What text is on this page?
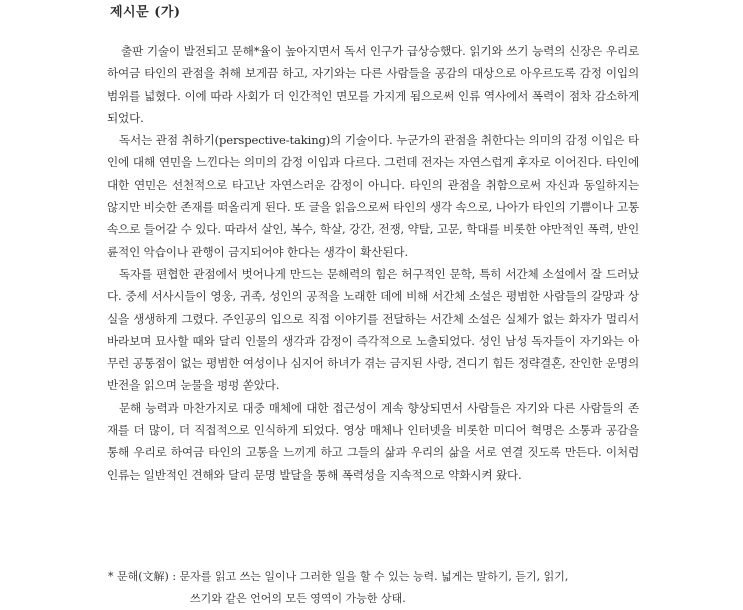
제시문 (가)

출판 기술이 발전되고 문해*율이 높아지면서 독서 인구가 급상승했다. 읽기와 쓰기 능력의 신장은 우리로 하여금 타인의 관점을 취해 보게끔 하고, 자기와는 다른 사람들을 공감의 대상으로 아우르도록 감정 이입의 범위를 넓혔다. 이에 따라 사회가 더 인간적인 면모를 가지게 됨으로써 인류 역사에서 폭력이 점차 감소하게 되었다.

독서는 관점 취하기(perspective-taking)의 기술이다. 누군가의 관점을 취한다는 의미의 감정 이입은 타인에 대해 연민을 느낀다는 의미의 감정 이입과 다르다. 그런데 전자는 자연스럽게 후자로 이어진다. 타인에 대한 연민은 선천적으로 타고난 자연스러운 감정이 아니다. 타인의 관점을 취함으로써 자신과 동일하지는 않지만 비슷한 존재를 떠올리게 된다. 또 글을 읽음으로써 타인의 생각 속으로, 나아가 타인의 기쁨이나 고통 속으로 들어갈 수 있다. 따라서 살인, 복수, 학살, 강간, 전쟁, 약탈, 고문, 학대를 비롯한 야만적인 폭력, 반인륜적인 악습이나 관행이 금지되어야 한다는 생각이 확산된다.

독자를 편협한 관점에서 벗어나게 만드는 문해력의 힘은 허구적인 문학, 특히 서간체 소설에서 잘 드러났다. 중세 서사시들이 영웅, 귀족, 성인의 공적을 노래한 데에 비해 서간체 소설은 평범한 사람들의 갈망과 상실을 생생하게 그렸다. 주인공의 입으로 직접 이야기를 전달하는 서간체 소설은 실체가 없는 화자가 멀리서 바라보며 묘사할 때와 달리 인물의 생각과 감정이 즉각적으로 노출되었다. 성인 남성 독자들이 자기와는 아무런 공통점이 없는 평범한 여성이나 심지어 하녀가 겪는 금지된 사랑, 견디기 힘든 정략결혼, 잔인한 운명의 반전을 읽으며 눈물을 펑펑 쏟았다.

문해 능력과 마찬가지로 대중 매체에 대한 접근성이 계속 향상되면서 사람들은 자기와 다른 사람들의 존재를 더 많이, 더 직접적으로 인식하게 되었다. 영상 매체나 인터넷을 비롯한 미디어 혁명은 소통과 공감을 통해 우리로 하여금 타인의 고통을 느끼게 하고 그들의 삶과 우리의 삶을 서로 연결 짓도록 만든다. 이처럼 인류는 일반적인 견해와 달리 문명 발달을 통해 폭력성을 지속적으로 약화시켜 왔다.

* 문해(文解) : 문자를 읽고 쓰는 일이나 그러한 일을 할 수 있는 능력. 넓게는 말하기, 듣기, 읽기,
쓰기와 같은 언어의 모든 영역이 가능한 상태.
